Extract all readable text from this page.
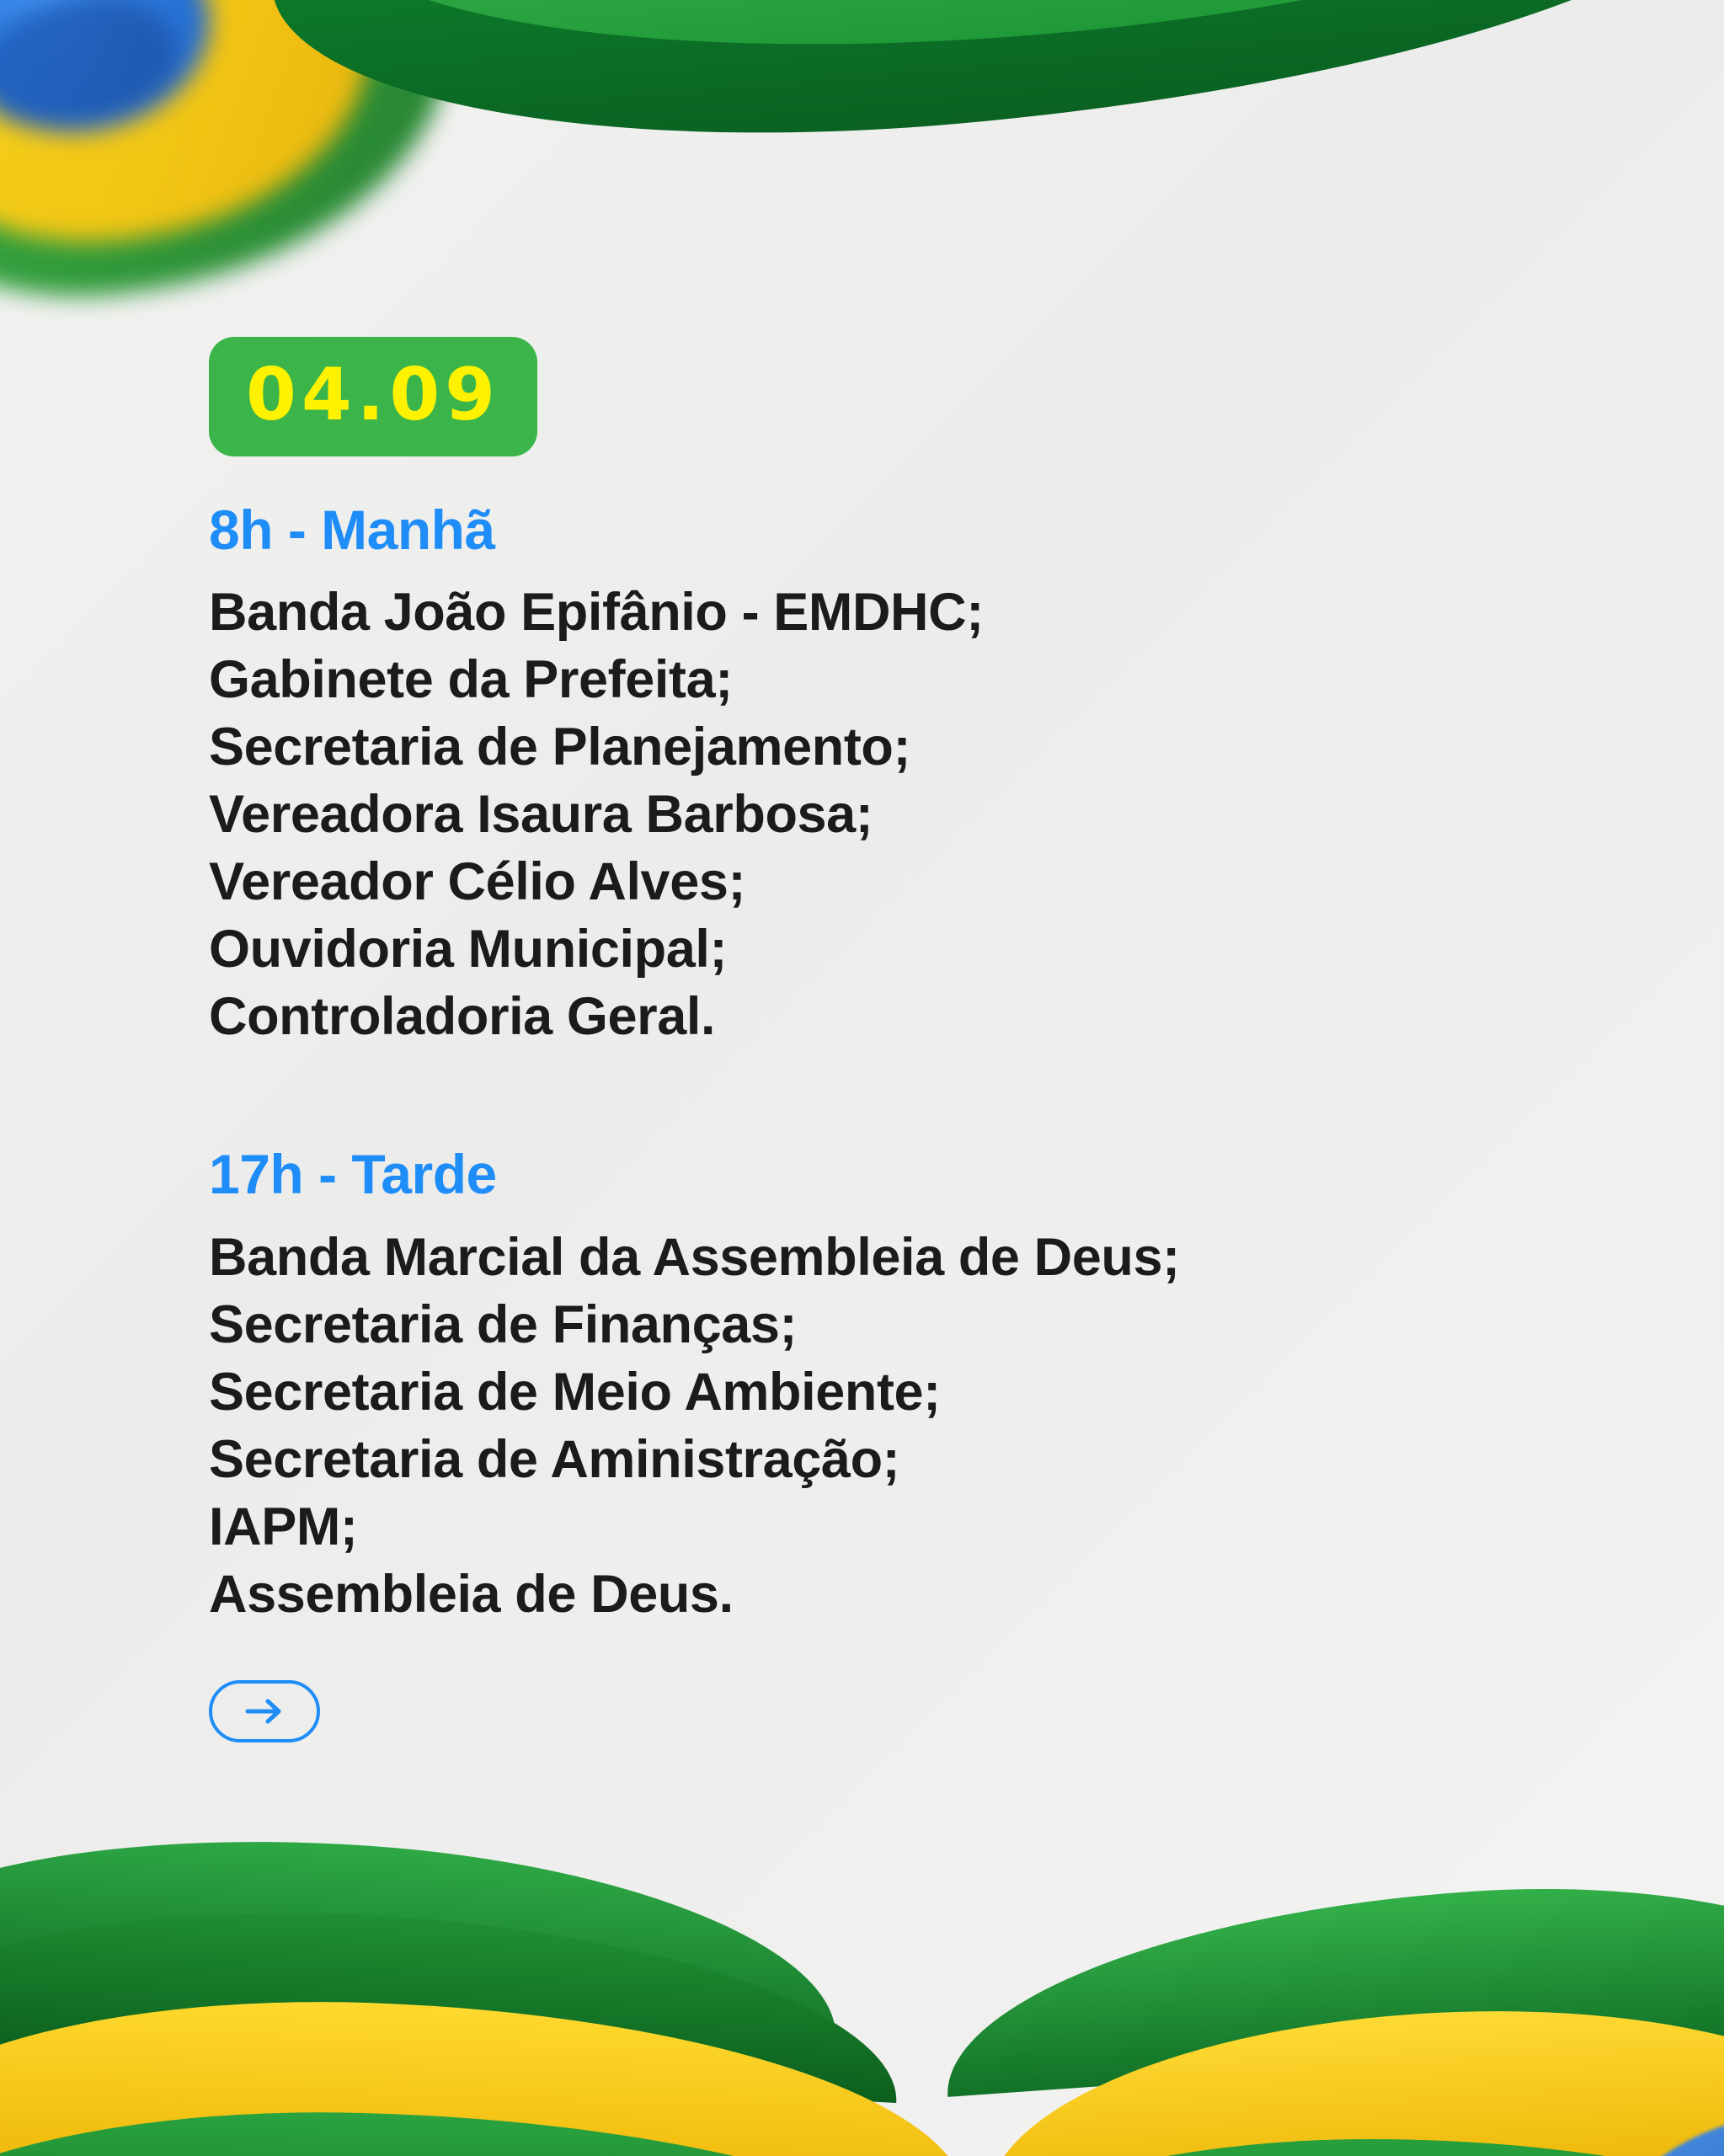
04.09
8h - Manhã
Banda João Epifânio - EMDHC;
Gabinete da Prefeita;
Secretaria de Planejamento;
Vereadora Isaura Barbosa;
Vereador Célio Alves;
Ouvidoria Municipal;
Controladoria Geral.
17h - Tarde
Banda Marcial da Assembleia de Deus;
Secretaria de Finanças;
Secretaria de Meio Ambiente;
Secretaria de Aministração;
IAPM;
Assembleia de Deus.
